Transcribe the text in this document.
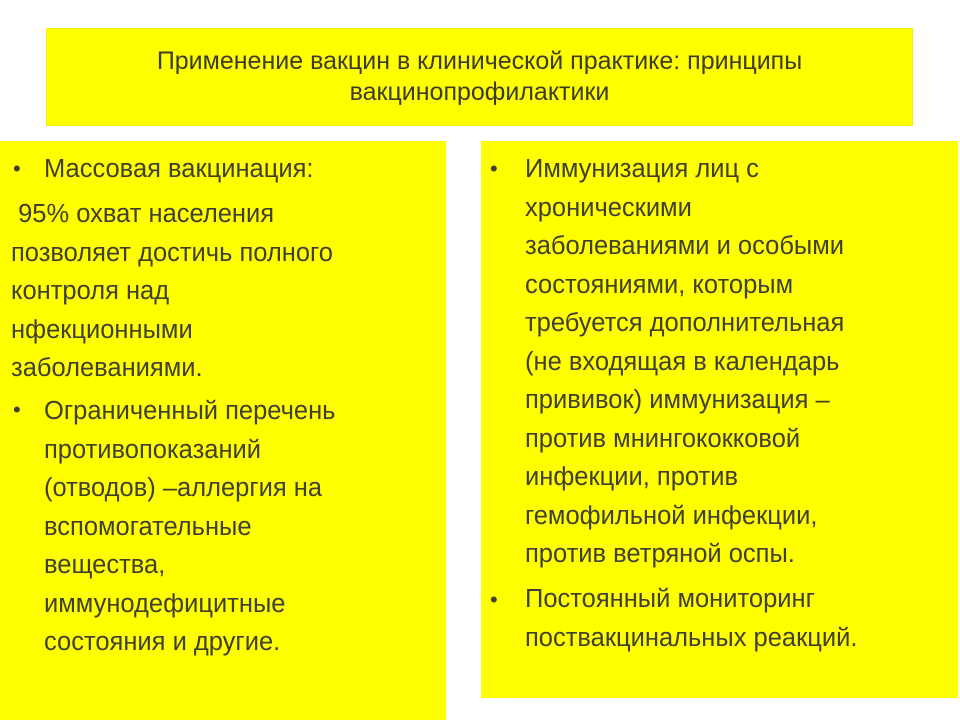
Применение вакцин в клинической практике: принципы
вакцинопрофилактики
• Массовая вакцинация:
95% охват населения
позволяет достичь полного
контроля над
нфекционными
заболеваниями.
• Ограниченный перечень
противопоказаний
(отводов) –аллергия на
вспомогательные
вещества,
иммунодефицитные
состояния и другие.
• Иммунизация лиц с
хроническими
заболеваниями и особыми
состояниями, которым
требуется дополнительная
(не входящая в календарь
прививок) иммунизация –
против мнингококковой
инфекции, против
гемофильной инфекции,
против ветряной оспы.
• Постоянный мониторинг
поствакцинальных реакций.
